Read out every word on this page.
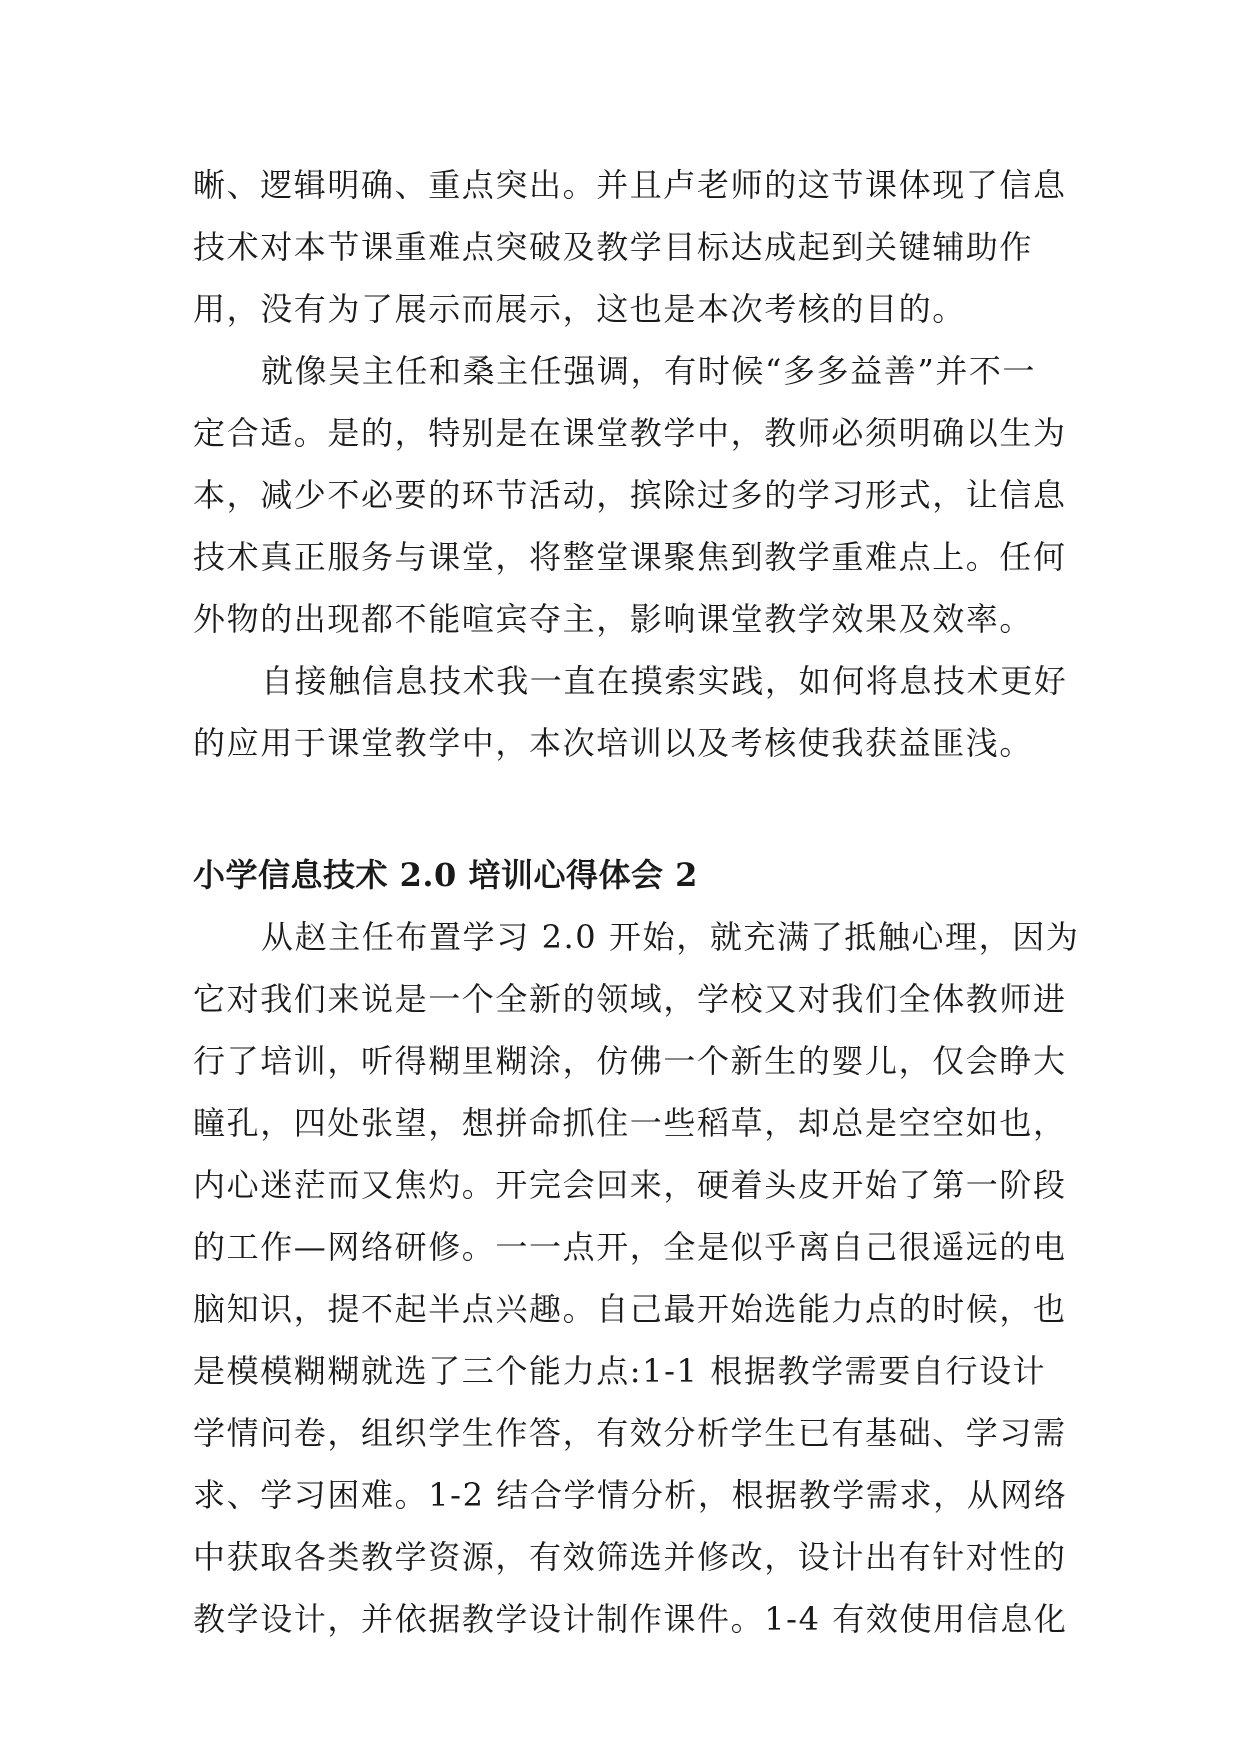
晰、逻辑明确、重点突出。并且卢老师的这节课体现了信息
技术对本节课重难点突破及教学目标达成起到关键辅助作
用，没有为了展示而展示，这也是本次考核的目的。

就像吴主任和桑主任强调，有时候“多多益善”并不一
定合适。是的，特别是在课堂教学中，教师必须明确以生为
本，减少不必要的环节活动，摈除过多的学习形式，让信息
技术真正服务与课堂，将整堂课聚焦到教学重难点上。任何
外物的出现都不能喧宾夺主，影响课堂教学效果及效率。

自接触信息技术我一直在摸索实践，如何将息技术更好
的应用于课堂教学中，本次培训以及考核使我获益匪浅。

小学信息技术 2.0 培训心得体会 2

从赵主任布置学习 2.0 开始，就充满了抵触心理，因为
它对我们来说是一个全新的领域，学校又对我们全体教师进
行了培训，听得糊里糊涂，仿佛一个新生的婴儿，仅会睁大
瞳孔，四处张望，想拼命抓住一些稻草，却总是空空如也，
内心迷茫而又焦灼。开完会回来，硬着头皮开始了第一阶段
的工作—网络研修。一一点开，全是似乎离自己很遥远的电
脑知识，提不起半点兴趣。自己最开始选能力点的时候，也
是模模糊糊就选了三个能力点:1-1 根据教学需要自行设计
学情问卷，组织学生作答，有效分析学生已有基础、学习需
求、学习困难。1-2 结合学情分析，根据教学需求，从网络
中获取各类教学资源，有效筛选并修改，设计出有针对性的
教学设计，并依据教学设计制作课件。1-4 有效使用信息化
